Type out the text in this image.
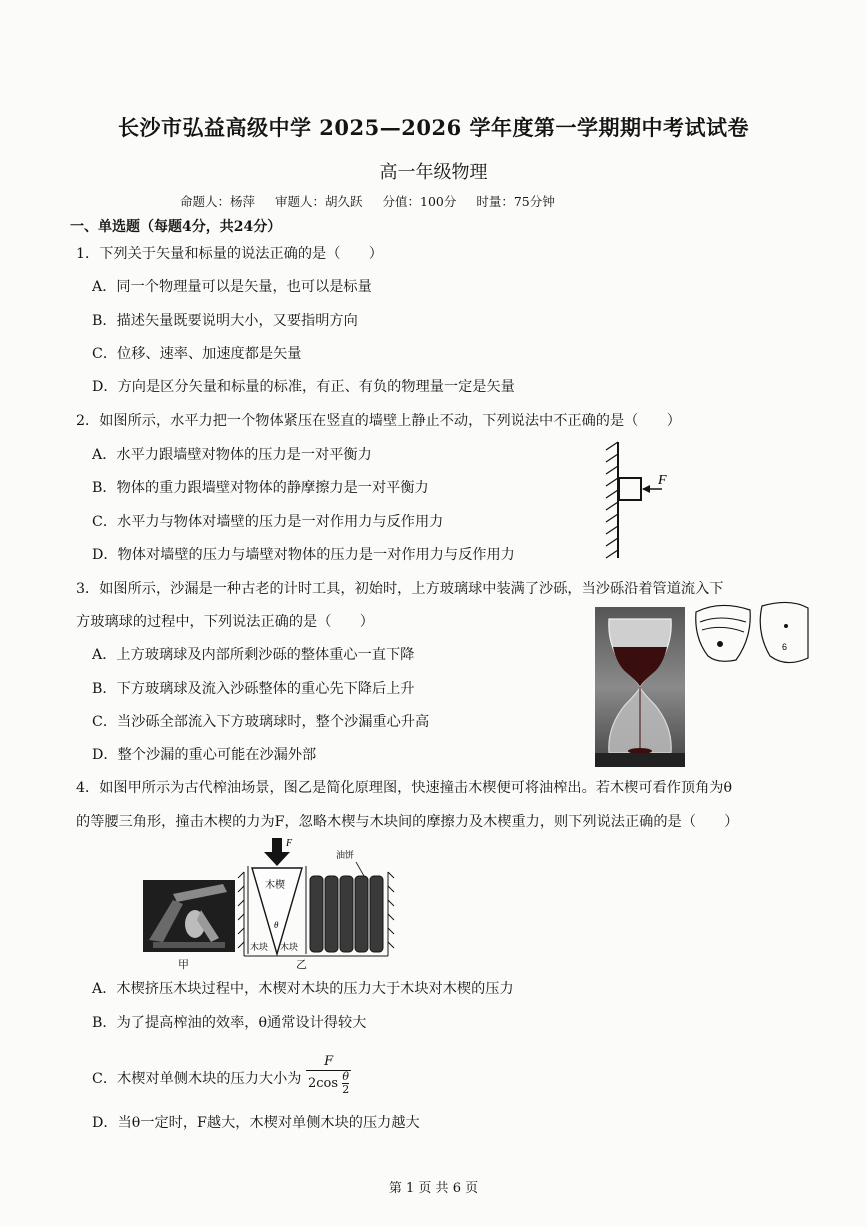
长沙市弘益高级中学 2025—2026 学年度第一学期期中考试试卷
高一年级物理
命题人：杨萍 审题人：胡久跃 分值：100分 时量：75分钟
一、单选题（每题4分，共24分）
1．下列关于矢量和标量的说法正确的是（　　）
A．同一个物理量可以是矢量，也可以是标量
B．描述矢量既要说明大小，又要指明方向
C．位移、速率、加速度都是矢量
D．方向是区分矢量和标量的标准，有正、有负的物理量一定是矢量
2．如图所示，水平力把一个物体紧压在竖直的墙壁上静止不动，下列说法中不正确的是（　　）
A．水平力跟墙壁对物体的压力是一对平衡力
B．物体的重力跟墙壁对物体的静摩擦力是一对平衡力
C．水平力与物体对墙壁的压力是一对作用力与反作用力
D．物体对墙壁的压力与墙壁对物体的压力是一对作用力与反作用力
F
3．如图所示，沙漏是一种古老的计时工具，初始时，上方玻璃球中装满了沙砾，当沙砾沿着管道流入下
方玻璃球的过程中，下列说法正确的是（　　）
A．上方玻璃球及内部所剩沙砾的整体重心一直下降
B．下方玻璃球及流入沙砾整体的重心先下降后上升
C．当沙砾全部流入下方玻璃球时，整个沙漏重心升高
D．整个沙漏的重心可能在沙漏外部
6
4．如图甲所示为古代榨油场景，图乙是简化原理图，快速撞击木楔便可将油榨出。若木楔可看作顶角为θ
的等腰三角形，撞击木楔的力为F，忽略木楔与木块间的摩擦力及木楔重力，则下列说法正确的是（　　）
甲
F
木楔
θ
木块 木块
油饼
乙
A．木楔挤压木块过程中，木楔对木块的压力大于木块对木楔的压力
B．为了提高榨油的效率，θ通常设计得较大
C．木楔对单侧木块的压力大小为 $\frac{F}{2\cos \frac{\theta}{2}}$
D．当θ一定时，F越大，木楔对单侧木块的压力越大
第 1 页 共 6 页
